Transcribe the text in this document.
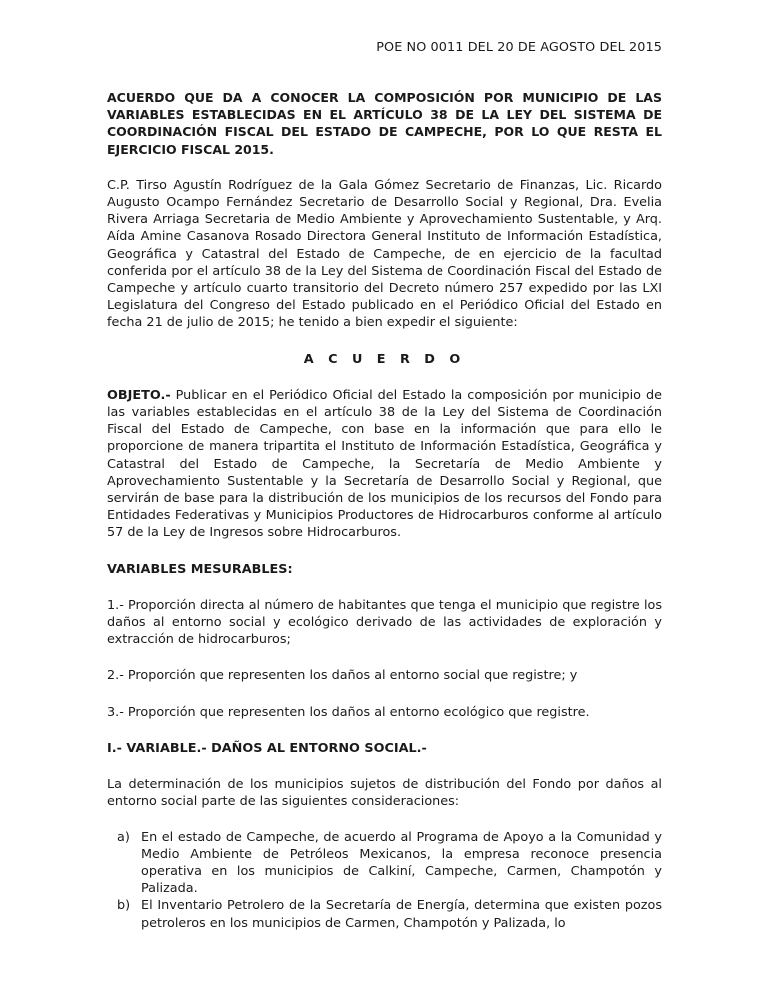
POE NO 0011 DEL 20 DE AGOSTO DEL 2015

ACUERDO QUE DA A CONOCER LA COMPOSICIÓN POR MUNICIPIO DE LAS VARIABLES ESTABLECIDAS EN EL ARTÍCULO 38 DE LA LEY DEL SISTEMA DE COORDINACIÓN FISCAL DEL ESTADO DE CAMPECHE, POR LO QUE RESTA EL EJERCICIO FISCAL 2015.

C.P. Tirso Agustín Rodríguez de la Gala Gómez Secretario de Finanzas, Lic. Ricardo Augusto Ocampo Fernández Secretario de Desarrollo Social y Regional, Dra. Evelia Rivera Arriaga Secretaria de Medio Ambiente y Aprovechamiento Sustentable, y Arq. Aída Amine Casanova Rosado Directora General Instituto de Información Estadística, Geográfica y Catastral del Estado de Campeche, de en ejercicio de la facultad conferida por el artículo 38 de la Ley del Sistema de Coordinación Fiscal del Estado de Campeche y artículo cuarto transitorio del Decreto número 257 expedido por las LXI Legislatura del Congreso del Estado publicado en el Periódico Oficial del Estado en fecha 21 de julio de 2015; he tenido a bien expedir el siguiente:

A C U E R D O

OBJETO.- Publicar en el Periódico Oficial del Estado la composición por municipio de las variables establecidas en el artículo 38 de la Ley del Sistema de Coordinación Fiscal del Estado de Campeche, con base en la información que para ello le proporcione de manera tripartita el Instituto de Información Estadística, Geográfica y Catastral del Estado de Campeche, la Secretaría de Medio Ambiente y Aprovechamiento Sustentable y la Secretaría de Desarrollo Social y Regional, que servirán de base para la distribución de los municipios de los recursos del Fondo para Entidades Federativas y Municipios Productores de Hidrocarburos conforme al artículo 57 de la Ley de Ingresos sobre Hidrocarburos.

VARIABLES MESURABLES:

1.- Proporción directa al número de habitantes que tenga el municipio que registre los daños al entorno social y ecológico derivado de las actividades de exploración y extracción de hidrocarburos;

2.- Proporción que representen los daños al entorno social que registre; y

3.- Proporción que representen los daños al entorno ecológico que registre.

I.- VARIABLE.- DAÑOS AL ENTORNO SOCIAL.-

La determinación de los municipios sujetos de distribución del Fondo por daños al entorno social parte de las siguientes consideraciones:

a) En el estado de Campeche, de acuerdo al Programa de Apoyo a la Comunidad y Medio Ambiente de Petróleos Mexicanos, la empresa reconoce presencia operativa en los municipios de Calkiní, Campeche, Carmen, Champotón y Palizada.
b) El Inventario Petrolero de la Secretaría de Energía, determina que existen pozos petroleros en los municipios de Carmen, Champotón y Palizada, lo
